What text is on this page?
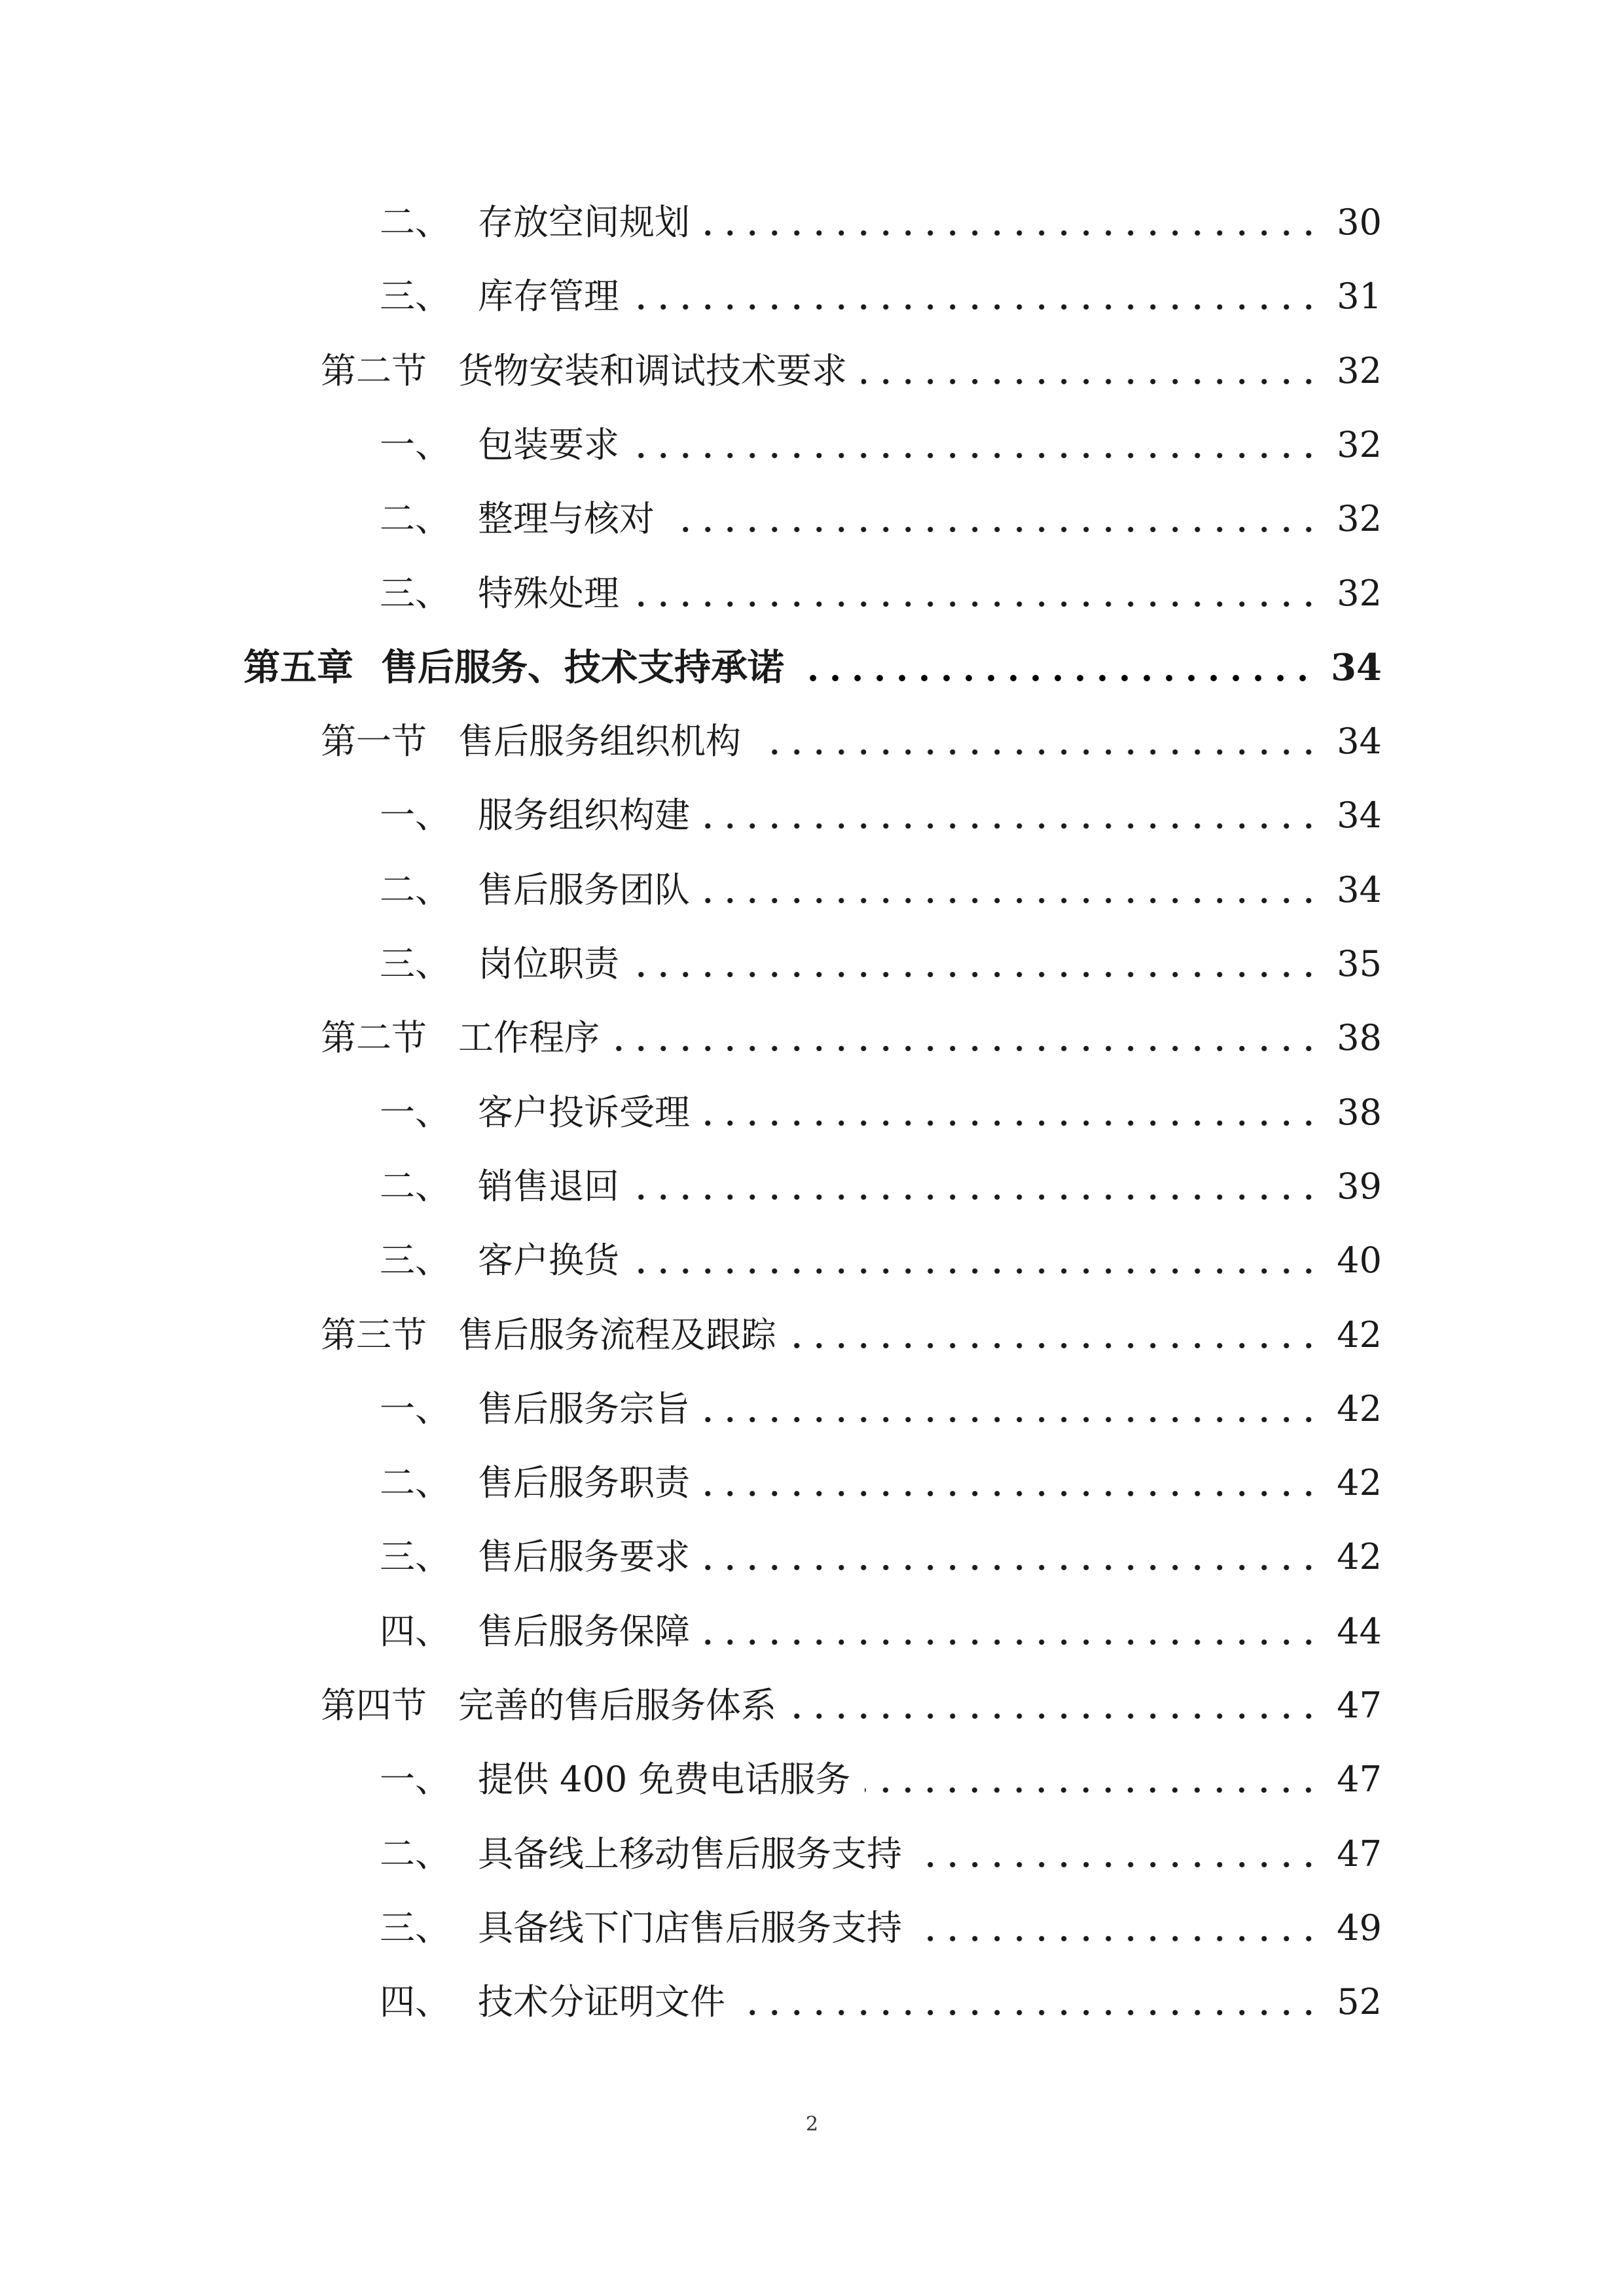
二、 存放空间规划	30
三、 库存管理	31
第二节 货物安装和调试技术要求	32
一、 包装要求	32
二、 整理与核对	32
三、 特殊处理	32
第五章 售后服务、技术支持承诺	34
第一节 售后服务组织机构	34
一、 服务组织构建	34
二、 售后服务团队	34
三、 岗位职责	35
第二节 工作程序	38
一、 客户投诉受理	38
二、 销售退回	39
三、 客户换货	40
第三节 售后服务流程及跟踪	42
一、 售后服务宗旨	42
二、 售后服务职责	42
三、 售后服务要求	42
四、 售后服务保障	44
第四节 完善的售后服务体系	47
一、 提供 400 免费电话服务	47
二、 具备线上移动售后服务支持	47
三、 具备线下门店售后服务支持	49
四、 技术分证明文件	52
2
